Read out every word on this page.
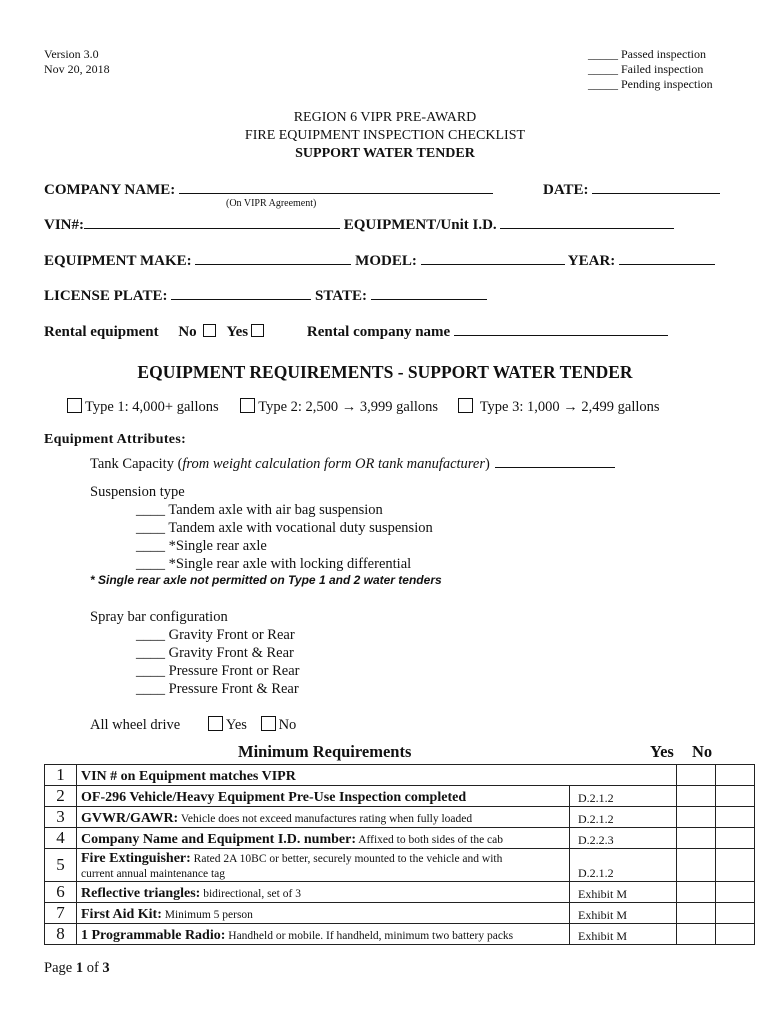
Version 3.0
Nov 20, 2018
_____ Passed inspection
_____ Failed inspection
_____ Pending inspection
REGION 6 VIPR PRE-AWARD
FIRE EQUIPMENT INSPECTION CHECKLIST
SUPPORT WATER TENDER
COMPANY NAME:
(On VIPR Agreement)
DATE:
VIN#:	EQUIPMENT/Unit I.D.
EQUIPMENT MAKE:	MODEL:	YEAR:
LICENSE PLATE:	STATE:
Rental equipment No Yes	Rental company name
EQUIPMENT REQUIREMENTS - SUPPORT WATER TENDER
Type 1: 4,000+ gallons	Type 2: 2,500 → 3,999 gallons	Type 3: 1,000 → 2,499 gallons
Equipment Attributes:
Tank Capacity (from weight calculation form OR tank manufacturer)
Suspension type
____ Tandem axle with air bag suspension
____ Tandem axle with vocational duty suspension
____ *Single rear axle
____ *Single rear axle with locking differential
* Single rear axle not permitted on Type 1 and 2 water tenders
Spray bar configuration
____ Gravity Front or Rear
____ Gravity Front & Rear
____ Pressure Front or Rear
____ Pressure Front & Rear
All wheel drive	Yes No
Minimum Requirements	Yes No
1	VIN # on Equipment matches VIPR			
2	OF-296 Vehicle/Heavy Equipment Pre-Use Inspection completed	D.2.1.2		
3	GVWR/GAWR: Vehicle does not exceed manufactures rating when fully loaded	D.2.1.2		
4	Company Name and Equipment I.D. number: Affixed to both sides of the cab	D.2.2.3		
5	Fire Extinguisher: Rated 2A 10BC or better, securely mounted to the vehicle and with
current annual maintenance tag	D.2.1.2		
6	Reflective triangles: bidirectional, set of 3	Exhibit M		
7	First Aid Kit: Minimum 5 person	Exhibit M		
8	1 Programmable Radio: Handheld or mobile. If handheld, minimum two battery packs	Exhibit M		
Page 1 of 3
